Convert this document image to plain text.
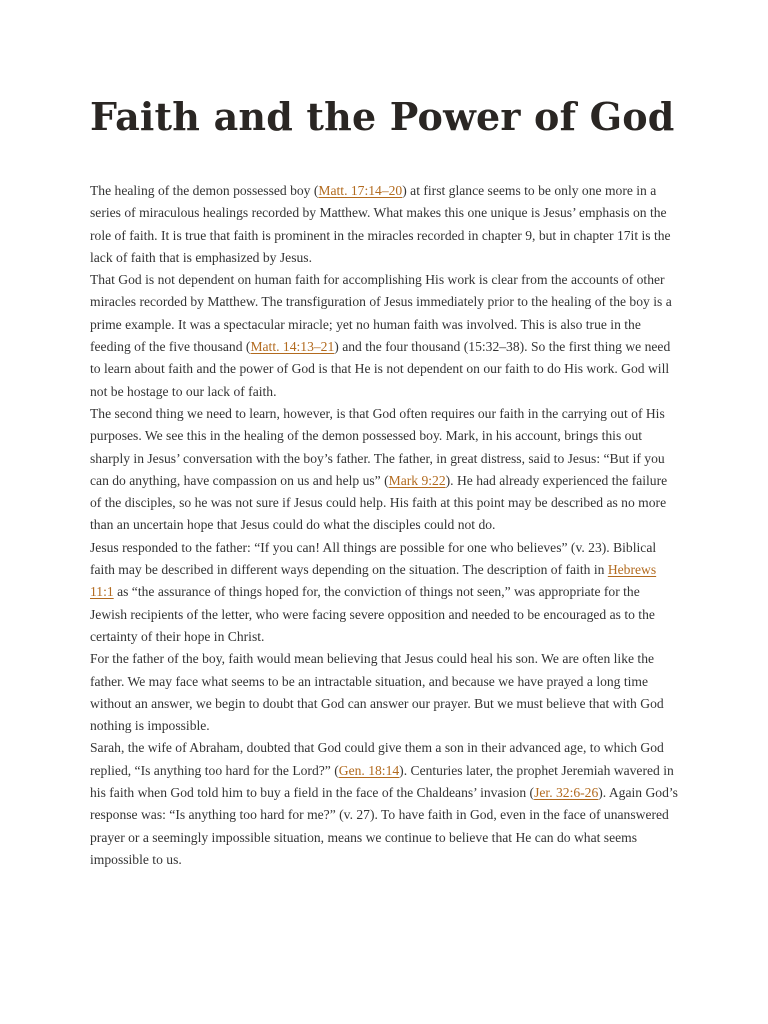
Faith and the Power of God

The healing of the demon possessed boy (Matt. 17:14–20) at first glance seems to be only one more in a series of miraculous healings recorded by Matthew. What makes this one unique is Jesus’ emphasis on the role of faith. It is true that faith is prominent in the miracles recorded in chapter 9, but in chapter 17it is the lack of faith that is emphasized by Jesus.

That God is not dependent on human faith for accomplishing His work is clear from the accounts of other miracles recorded by Matthew. The transfiguration of Jesus immediately prior to the healing of the boy is a prime example. It was a spectacular miracle; yet no human faith was involved. This is also true in the feeding of the five thousand (Matt. 14:13–21) and the four thousand (15:32–38). So the first thing we need to learn about faith and the power of God is that He is not dependent on our faith to do His work. God will not be hostage to our lack of faith.

The second thing we need to learn, however, is that God often requires our faith in the carrying out of His purposes. We see this in the healing of the demon possessed boy. Mark, in his account, brings this out sharply in Jesus’ conversation with the boy’s father. The father, in great distress, said to Jesus: “But if you can do anything, have compassion on us and help us” (Mark 9:22). He had already experienced the failure of the disciples, so he was not sure if Jesus could help. His faith at this point may be described as no more than an uncertain hope that Jesus could do what the disciples could not do.

Jesus responded to the father: “If you can! All things are possible for one who believes” (v. 23). Biblical faith may be described in different ways depending on the situation. The description of faith in Hebrews 11:1 as “the assurance of things hoped for, the conviction of things not seen,” was appropriate for the Jewish recipients of the letter, who were facing severe opposition and needed to be encouraged as to the certainty of their hope in Christ.

For the father of the boy, faith would mean believing that Jesus could heal his son. We are often like the father. We may face what seems to be an intractable situation, and because we have prayed a long time without an answer, we begin to doubt that God can answer our prayer. But we must believe that with God nothing is impossible.

Sarah, the wife of Abraham, doubted that God could give them a son in their advanced age, to which God replied, “Is anything too hard for the Lord?” (Gen. 18:14). Centuries later, the prophet Jeremiah wavered in his faith when God told him to buy a field in the face of the Chaldeans’ invasion (Jer. 32:6-26). Again God’s response was: “Is anything too hard for me?” (v. 27). To have faith in God, even in the face of unanswered prayer or a seemingly impossible situation, means we continue to believe that He can do what seems impossible to us.
